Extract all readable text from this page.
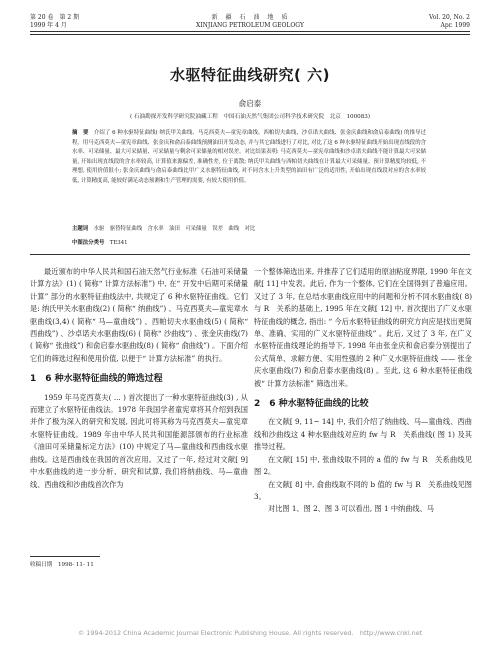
第 20 卷　第 2 期
1999 年 4 月
新　疆　石　油　地　质
XINJIANG PETROLEUM GEOLOGY
Vol. 20, No. 2
Apr. 1999
水驱特征曲线研究( 六)
俞启泰
( 石油勘探开发科学研究院油藏工程　中国石油天然气集团公司科学技术研究院　北京　100083)
摘　要　 介绍了 6 种水驱特征曲线( 纳氏甲关曲线、马克西莫夫—童宪章曲线、西帕切夫曲线、沙卓诺夫曲线、张金庆曲线和俞启泰曲线) 的推导过程。用马克西莫夫—童宪章曲线、张金庆和俞启泰曲线预测油田开发动态, 并与其它曲线进行了对比, 对比了这 6 种水驱特征曲线开始出现直线段的含水率、可采储量、最大可采储量、可采储量与剩余可采储量的相对误差。对比结果表明: 马克西莫夫—童宪章曲线和沙卓诺夫曲线不能计算最大可采储量, 开始出现直线段的含水率较高, 计算值来源偏差, 准确性差, 位于离散; 纳氏甲关曲线与西帕切夫曲线在计算最大可采储量、预计算精度均较低, 不理想, 使用价值很小; 张金庆曲线与俞启泰曲线比甲广义水驱特征曲线, 对不同含水上升类型的油田有广泛的适用性, 开始出现直线段对应的含水率较低, 计算精度高, 能较好满足动态预测和生产管理的需要, 有较大使用价值。
主题词　 水驱　驱替特征曲线　含水率　油田　可采储量　误差　曲线　对比
中图法分类号　 TE341

最近颁布的中华人民共和国石油天然气行业标准《石油可采储量计算方法》(1) ( 简称“ 计算方法标准”) 中, 在“ 开发中后期可采储量计算” 部分的水驱特征曲线法中, 共规定了 6 种水驱特征曲线。它们是: 纳氏甲关水驱曲线(2) ( 简称“ 纳曲线”) 、马克西莫夫—童宪章水驱曲线(3,4) ( 简称“ 马—童曲线”) 、西帕切夫水驱曲线(5) ( 简称“ 西曲线”) 、沙卓诺夫水驱曲线(6) ( 简称“ 沙曲线”) 、张金庆曲线(7) ( 简称“ 张曲线”) 和俞启泰水驱曲线(8) ( 简称“ 俞曲线”) 。下面介绍它们的筛选过程和使用价值, 以便于“ 计算方法标准” 的执行。

1　6 种水驱特征曲线的筛选过程

1959 年马克西莫夫( ... ) 首次提出了一种水驱特征曲线(3) , 从而建立了水驱特征曲线法。1978 年我国学者童宪章将其介绍到我国并作了极为深入的研究和发展, 因此可将其称为马克西莫夫—童宪章水驱特征曲线。1989 年由中华人民共和国能源部颁布的行业标准《油田可采储量标定方法》(10) 中规定了马—童曲线和西曲线水驱曲线。这是西曲线在我国的首次应用。又过了一年, 经过对文献[ 9] 中水驱曲线的进一步分析、研究和试算, 我们将纳曲线、马—童曲线、西曲线和沙曲线首次作为

一个整体筛选出来, 并推荐了它们适用的原油粘度界限, 1990 年在文献[ 11] 中发表。此后, 作为一个整体, 它们在全国得到了普遍应用。又过了 3 年, 在总结水驱曲线应用中的问题和分析不同水驱曲线( 8) 与 R　关系的基础上, 1995 年在文献[ 12] 中, 首次提出了广义水驱特征曲线的概念, 指出: “ 今后水驱特征曲线的研究方向应是找出更简单、准确、实用的广义水驱特征曲线” 。此后, 又过了 3 年, 在广义水驱特征曲线理论的指导下, 1998 年由张金庆和俞启泰分别提出了公式简单、求解方便、实用性强的 2 种广义水驱特征曲线 —— 张金庆水驱曲线(7) 和俞启泰水驱曲线(8) 。至此, 这 6 种水驱特征曲线被“ 计算方法标准” 筛选出来。

2　6 种水驱特征曲线的比较

在文献[ 9, 11~ 14] 中, 我们介绍了纳曲线、马—童曲线、西曲线和沙曲线这 4 种水驱曲线对应的 fw 与 R　关系曲线( 图 1) 及其推导过程。

在文献[ 15] 中, 张曲线取不同的 a 值的 fw 与 R　关系曲线见图 2。

在文献[ 8] 中, 俞曲线取不同的 b 值的 fw 与 R　关系曲线见图 3。

对比图 1、图 2、图 3 可以看出, 图 1 中纳曲线、马

收稿日期　1998- 11- 11
© 1994-2012 China Academic Journal Electronic Publishing House. All rights reserved.　http://www.cnki.net
